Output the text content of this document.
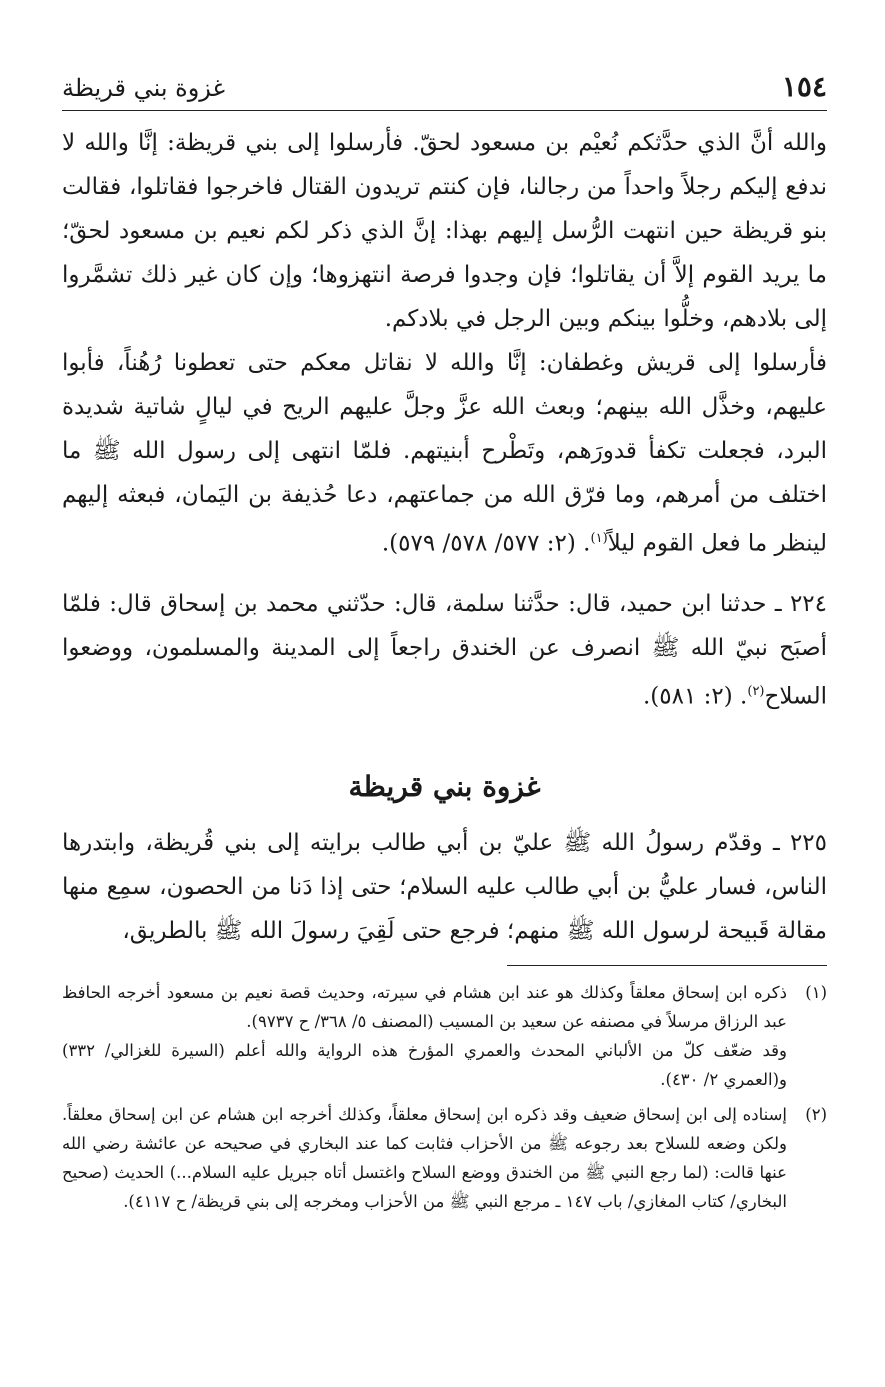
١٥٤
غزوة بني قريظة

والله أنَّ الذي حدَّثكم نُعيْم بن مسعود لحقّ. فأرسلوا إلى بني قريظة: إنَّا والله لا ندفع إليكم رجلاً واحداً من رجالنا، فإن كنتم تريدون القتال فاخرجوا فقاتلوا، فقالت بنو قريظة حين انتهت الرُّسل إليهم بهذا: إنَّ الذي ذكر لكم نعيم بن مسعود لحقّ؛ ما يريد القوم إلاَّ أن يقاتلوا؛ فإن وجدوا فرصة انتهزوها؛ وإن كان غير ذلك تشمَّروا إلى بلادهم، وخلُّوا بينكم وبين الرجل في بلادكم.

فأرسلوا إلى قريش وغطفان: إنَّا والله لا نقاتل معكم حتى تعطونا رُهُناً، فأبوا عليهم، وخذَّل الله بينهم؛ وبعث الله عزَّ وجلَّ عليهم الريح في ليالٍ شاتية شديدة البرد، فجعلت تكفأ قدورَهم، وتَطْرح أبنيتهم. فلمّا انتهى إلى رسول الله ﷺ ما اختلف من أمرهم، وما فرّق الله من جماعتهم، دعا حُذيفة بن اليَمان، فبعثه إليهم لينظر ما فعل القوم ليلاً$^{(١)}$. (٢: ٥٧٧/ ٥٧٨/ ٥٧٩).

٢٢٤ ـ حدثنا ابن حميد، قال: حدَّثنا سلمة، قال: حدّثني محمد بن إسحاق قال: فلمّا أصبَح نبيّ الله ﷺ انصرف عن الخندق راجعاً إلى المدينة والمسلمون، ووضعوا السلاح$^{(٢)}$. (٢: ٥٨١).

غزوة بني قريظة

٢٢٥ ـ وقدّم رسولُ الله ﷺ عليّ بن أبي طالب برايته إلى بني قُريظة، وابتدرها الناس، فسار عليُّ بن أبي طالب عليه السلام؛ حتى إذا دَنا من الحصون، سمِع منها مقالة قَبيحة لرسول الله ﷺ منهم؛ فرجع حتى لَقِيَ رسولَ الله ﷺ بالطريق،

(١)

ذكره ابن إسحاق معلقاً وكذلك هو عند ابن هشام في سيرته، وحديث قصة نعيم بن مسعود أخرجه الحافظ عبد الرزاق مرسلاً في مصنفه عن سعيد بن المسيب (المصنف ٥/ ٣٦٨/ ح ٩٧٣٧).

وقد ضعّف كلّ من الألباني المحدث والعمري المؤرخ هذه الرواية والله أعلم (السيرة للغزالي/ ٣٣٢) و(العمري ٢/ ٤٣٠).

(٢)

إسناده إلى ابن إسحاق ضعيف وقد ذكره ابن إسحاق معلقاً، وكذلك أخرجه ابن هشام عن ابن إسحاق معلقاً. ولكن وضعه للسلاح بعد رجوعه ﷺ من الأحزاب فثابت كما عند البخاري في صحيحه عن عائشة رضي الله عنها قالت: (لما رجع النبي ﷺ من الخندق ووضع السلاح واغتسل أتاه جبريل عليه السلام...) الحديث (صحيح البخاري/ كتاب المغازي/ باب ١٤٧ ـ مرجع النبي ﷺ من الأحزاب ومخرجه إلى بني قريظة/ ح ٤١١٧).
